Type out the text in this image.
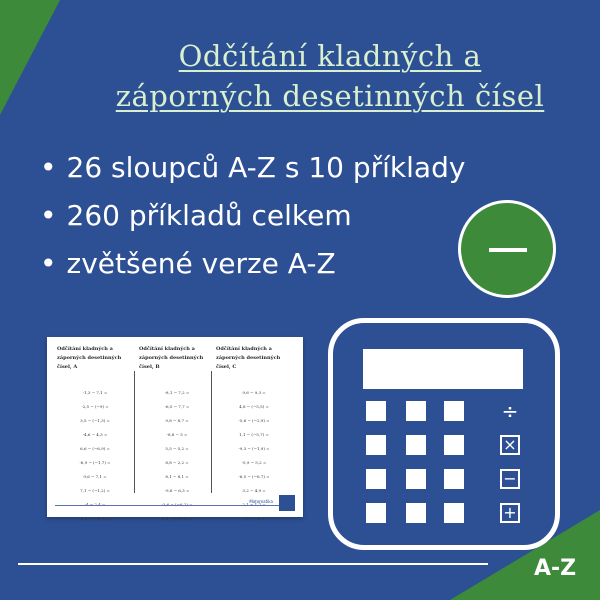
Odčítání kladných a
záporných desetinných čísel
• 26 sloupců A-Z s 10 příklady
• 260 příkladů celkem
• zvětšené verze A-Z
÷
×
−
+
Odčítání kladných a záporných desetinných čísel, A
-1,3 − 7,1 =
-2,5 − (−9) =
3,5 − (−1,3) =
-4,6 − 4,3 =
6,6 − (−6,9) =
-6,9 − (−1,7) =
9,6 − 7,1 =
7,1 − (−1,2) =
-5,2 − (−6,7) =
Odčítání kladných a záporných desetinných čísel, B
-8,1 − 7,2 =
-6,5 − 7,7 =
9,8 − 8,7 =
-8,8 − 5 =
5,5 − 5,2 =
8,8 − 2,2 =
8,1 − 8,1 =
-9,6 − 6,3 =
6,1 − (−9,2) =
Odčítání kladných a záporných desetinných čísel, C
9,6 − 9,3 =
4,8 − (−5,5) =
-5,6 − (−2,9) =
1,1 − (−5,7) =
-9,3 − (−1,9) =
-5,9 − 5,2 =
-6,5 − (−6,7) =
3,2 − 4,9 =
-1,7 − 6 =
Matematika
A-Z
